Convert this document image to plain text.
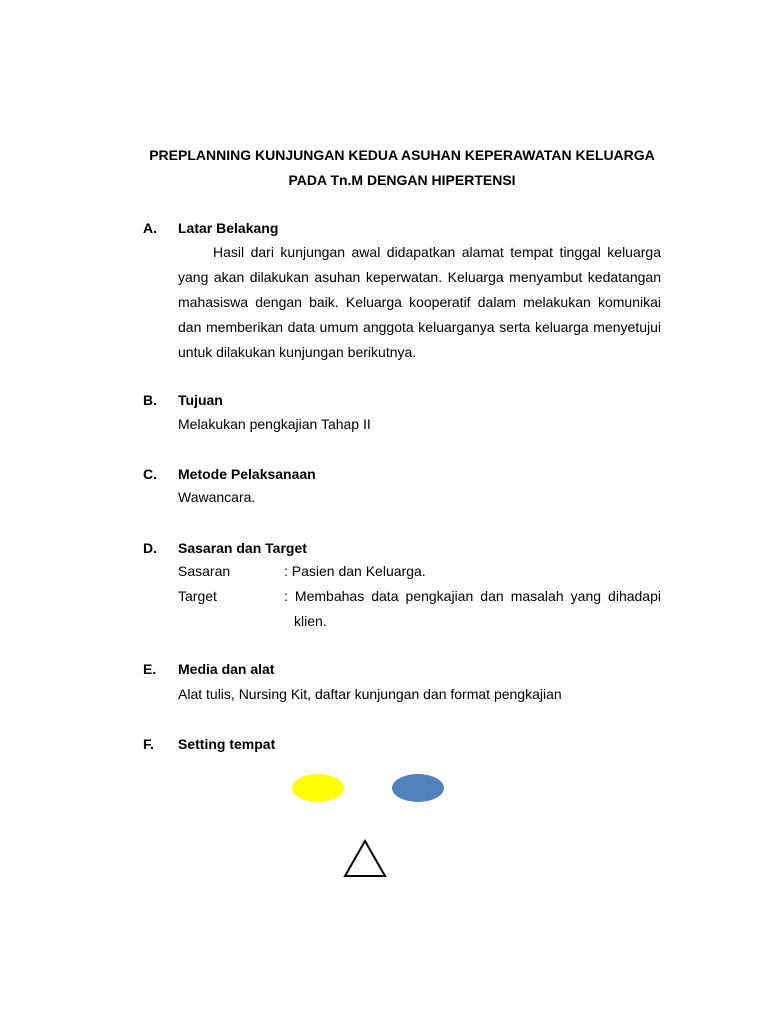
PREPLANNING KUNJUNGAN KEDUA ASUHAN KEPERAWATAN KELUARGA
PADA Tn.M DENGAN HIPERTENSI
A. Latar Belakang
Hasil dari kunjungan awal didapatkan alamat tempat tinggal keluarga yang akan dilakukan asuhan keperwatan. Keluarga menyambut kedatangan mahasiswa dengan baik. Keluarga kooperatif dalam melakukan komunikai dan memberikan data umum anggota keluarganya serta keluarga menyetujui untuk dilakukan kunjungan berikutnya.
B. Tujuan
Melakukan pengkajian Tahap II
C. Metode Pelaksanaan
Wawancara.
D. Sasaran dan Target
Sasaran	: Pasien dan Keluarga.
Target	: Membahas data pengkajian dan masalah yang dihadapi klien.
E. Media dan alat
Alat tulis, Nursing Kit, daftar kunjungan dan format pengkajian
F. Setting tempat
